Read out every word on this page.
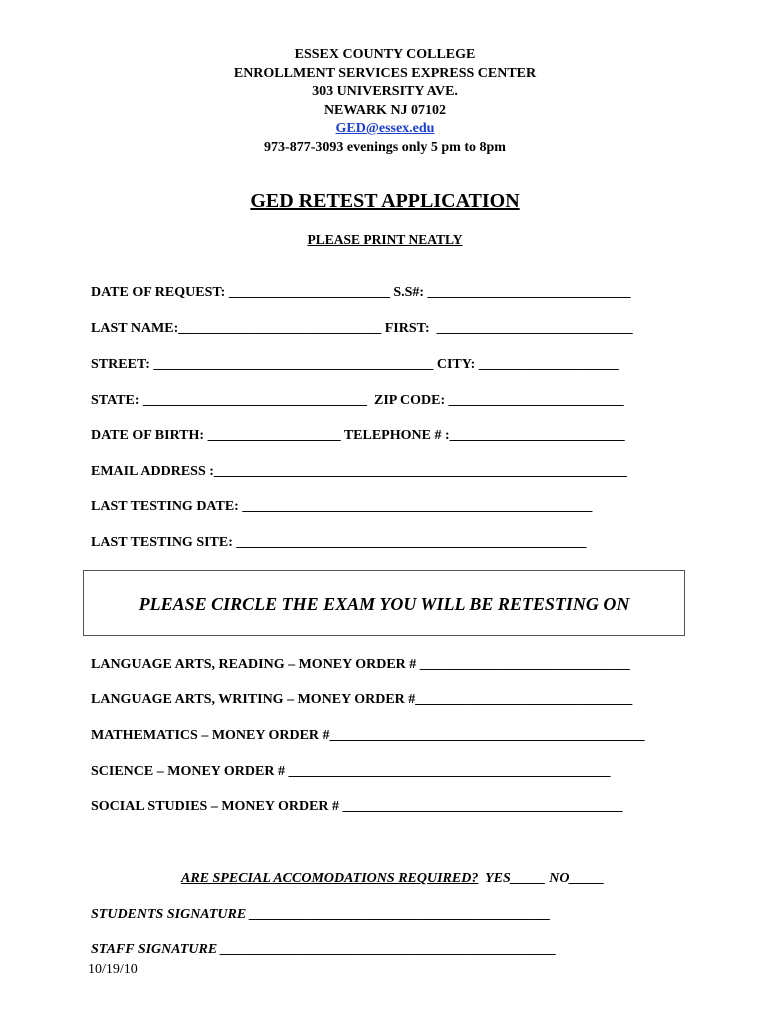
ESSEX COUNTY COLLEGE
ENROLLMENT SERVICES EXPRESS CENTER
303 UNIVERSITY AVE.
NEWARK NJ 07102
GED@essex.edu
973-877-3093 evenings only 5 pm to 8pm
GED RETEST APPLICATION
PLEASE PRINT NEATLY
DATE OF REQUEST: _______________________ S.S#: _____________________________
LAST NAME:_____________________________ FIRST:  ____________________________
STREET: ________________________________________ CITY: ____________________
STATE: ________________________________  ZIP CODE: _________________________
DATE OF BIRTH: ___________________ TELEPHONE # :_________________________
EMAIL ADDRESS :___________________________________________________________
LAST TESTING DATE: __________________________________________________
LAST TESTING SITE: __________________________________________________
PLEASE CIRCLE THE EXAM YOU WILL BE RETESTING ON
LANGUAGE ARTS, READING – MONEY ORDER # ______________________________
LANGUAGE ARTS, WRITING – MONEY ORDER #_______________________________
MATHEMATICS – MONEY ORDER #_____________________________________________
SCIENCE – MONEY ORDER # ______________________________________________
SOCIAL STUDIES – MONEY ORDER # ________________________________________
ARE SPECIAL ACCOMODATIONS REQUIRED? YES_____ NO_____
STUDENTS SIGNATURE ___________________________________________
STAFF SIGNATURE ________________________________________________
10/19/10
